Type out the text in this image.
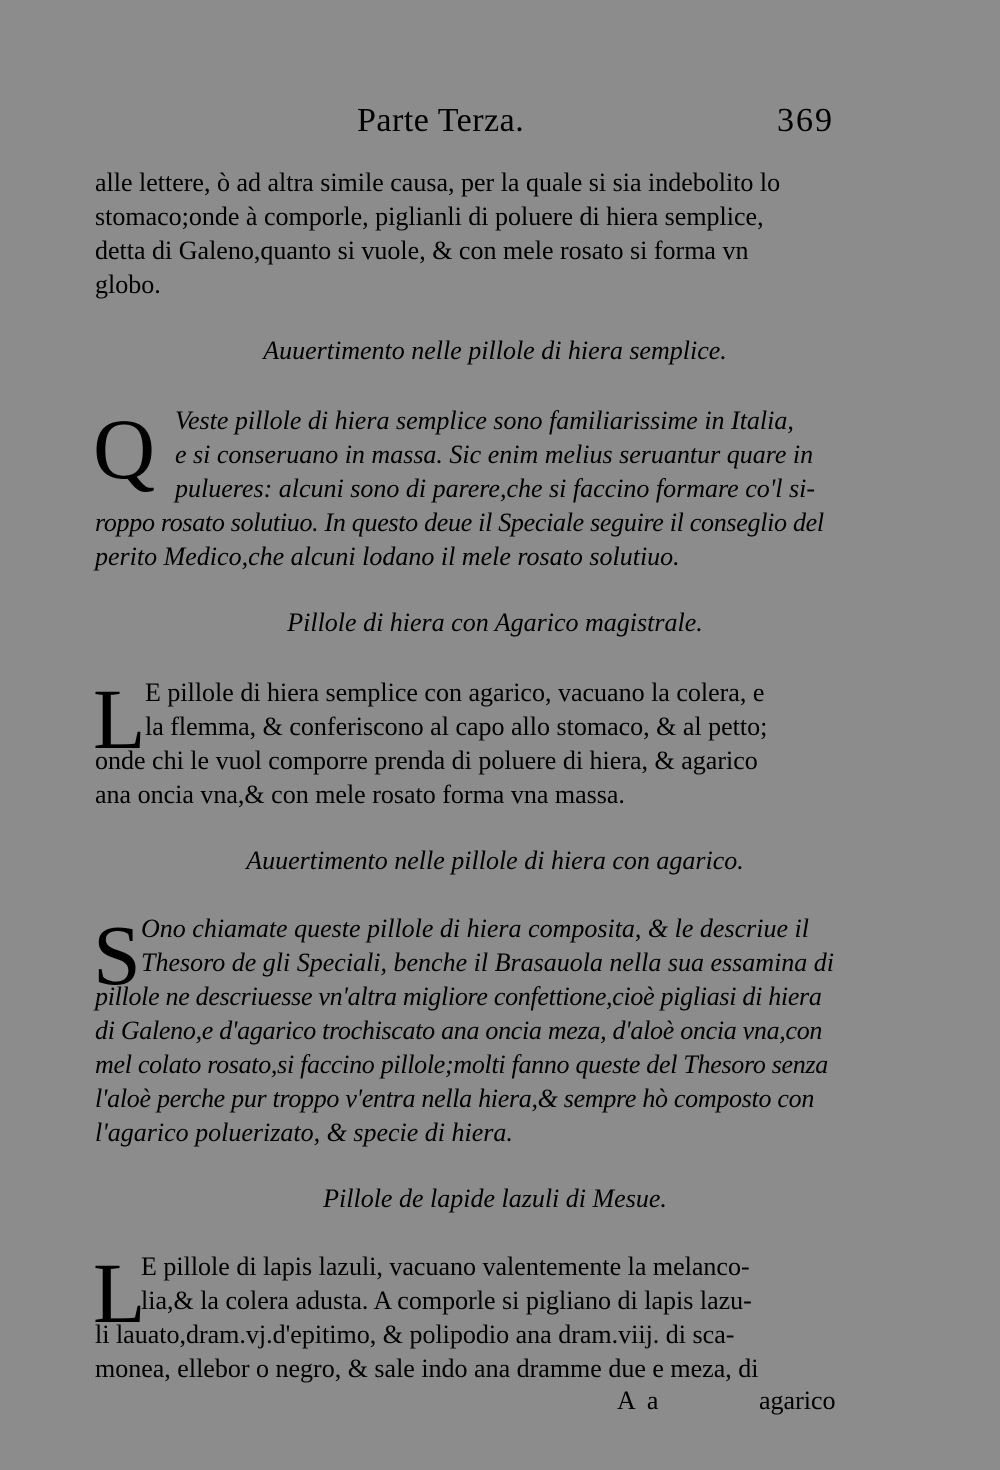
Parte Terza.	369
alle lettere, ò ad altra simile causa, per la quale si sia indebolito lo
stomaco;onde à comporle, piglianli di poluere di hiera semplice,
detta di Galeno,quanto si vuole, & con mele rosato si forma vn
globo.
Auuertimento nelle pillole di hiera semplice.
Q Veste pillole di hiera semplice sono familiarissime in Italia,
e si conseruano in massa. Sic enim melius seruantur quare in
pulueres: alcuni sono di parere,che si faccino formare co'l si-
roppo rosato solutiuo. In questo deue il Speciale seguire il conseglio del
perito Medico,che alcuni lodano il mele rosato solutiuo.
Pillole di hiera con Agarico magistrale.
L E pillole di hiera semplice con agarico, vacuano la colera, e
la flemma, & conferiscono al capo allo stomaco, & al petto;
onde chi le vuol comporre prenda di poluere di hiera, & agarico
ana oncia vna,& con mele rosato forma vna massa.
Auuertimento nelle pillole di hiera con agarico.
S Ono chiamate queste pillole di hiera composita, & le descriue il
Thesoro de gli Speciali, benche il Brasauola nella sua essamina di
pillole ne descriuesse vn'altra migliore confettione,cioè pigliasi di hiera
di Galeno,e d'agarico trochiscato ana oncia meza, d'aloè oncia vna,con
mel colato rosato,si faccino pillole;molti fanno queste del Thesoro senza
l'aloè perche pur troppo v'entra nella hiera,& sempre hò composto con
l'agarico poluerizato, & specie di hiera.
Pillole de lapide lazuli di Mesue.
L
E pillole di lapis lazuli, vacuano valentemente la melanco-
lia,& la colera adusta. A comporle si pigliano di lapis lazu-
li lauato,dram.vj.d'epitimo, & polipodio ana dram.viij. di sca-
monea, ellebor o negro, & sale indo ana dramme due e meza, di
A a	agarico
